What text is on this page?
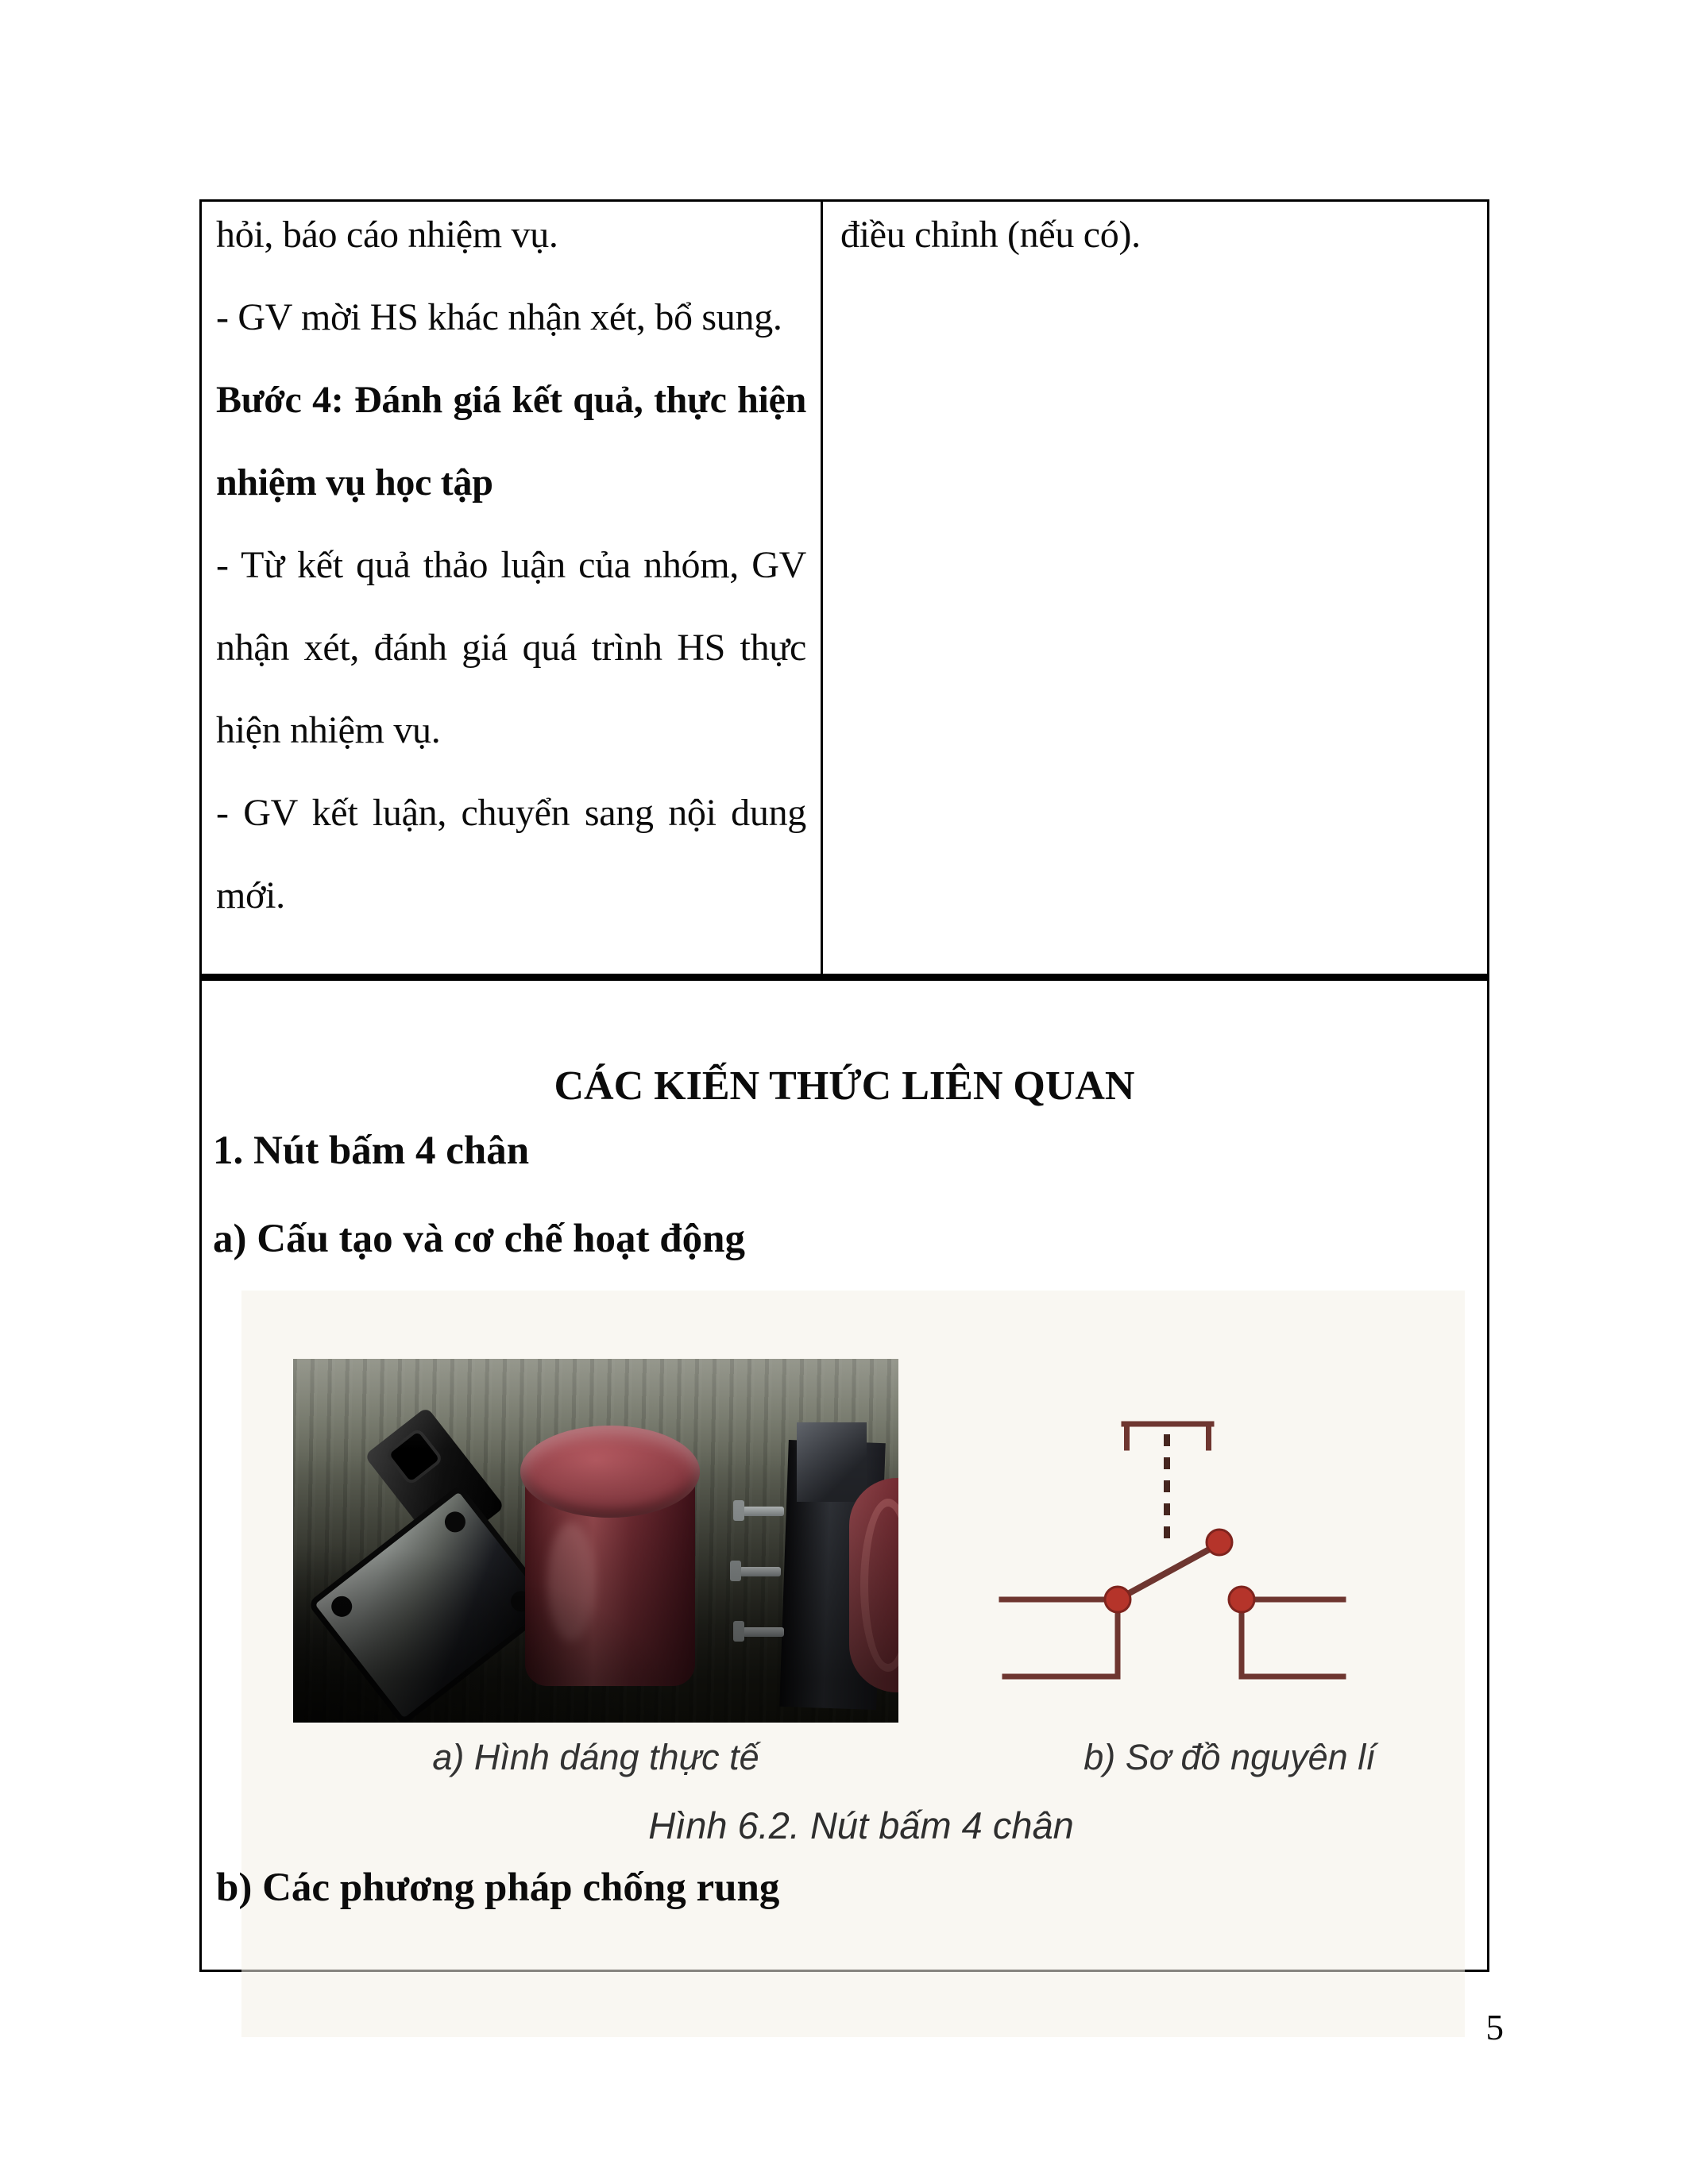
hỏi, báo cáo nhiệm vụ.
- GV mời HS khác nhận xét, bổ sung.
Bước 4: Đánh giá kết quả, thực hiện
nhiệm vụ học tập
- Từ kết quả thảo luận của nhóm, GV
nhận xét, đánh giá quá trình HS thực
hiện nhiệm vụ.
- GV kết luận, chuyển sang nội dung
mới.
điều chỉnh (nếu có).
CÁC KIẾN THỨC LIÊN QUAN
1. Nút bấm 4 chân
a) Cấu tạo và cơ chế hoạt động
a) Hình dáng thực tế	b) Sơ đồ nguyên lí
Hình 6.2. Nút bấm 4 chân
b) Các phương pháp chống rung
5
